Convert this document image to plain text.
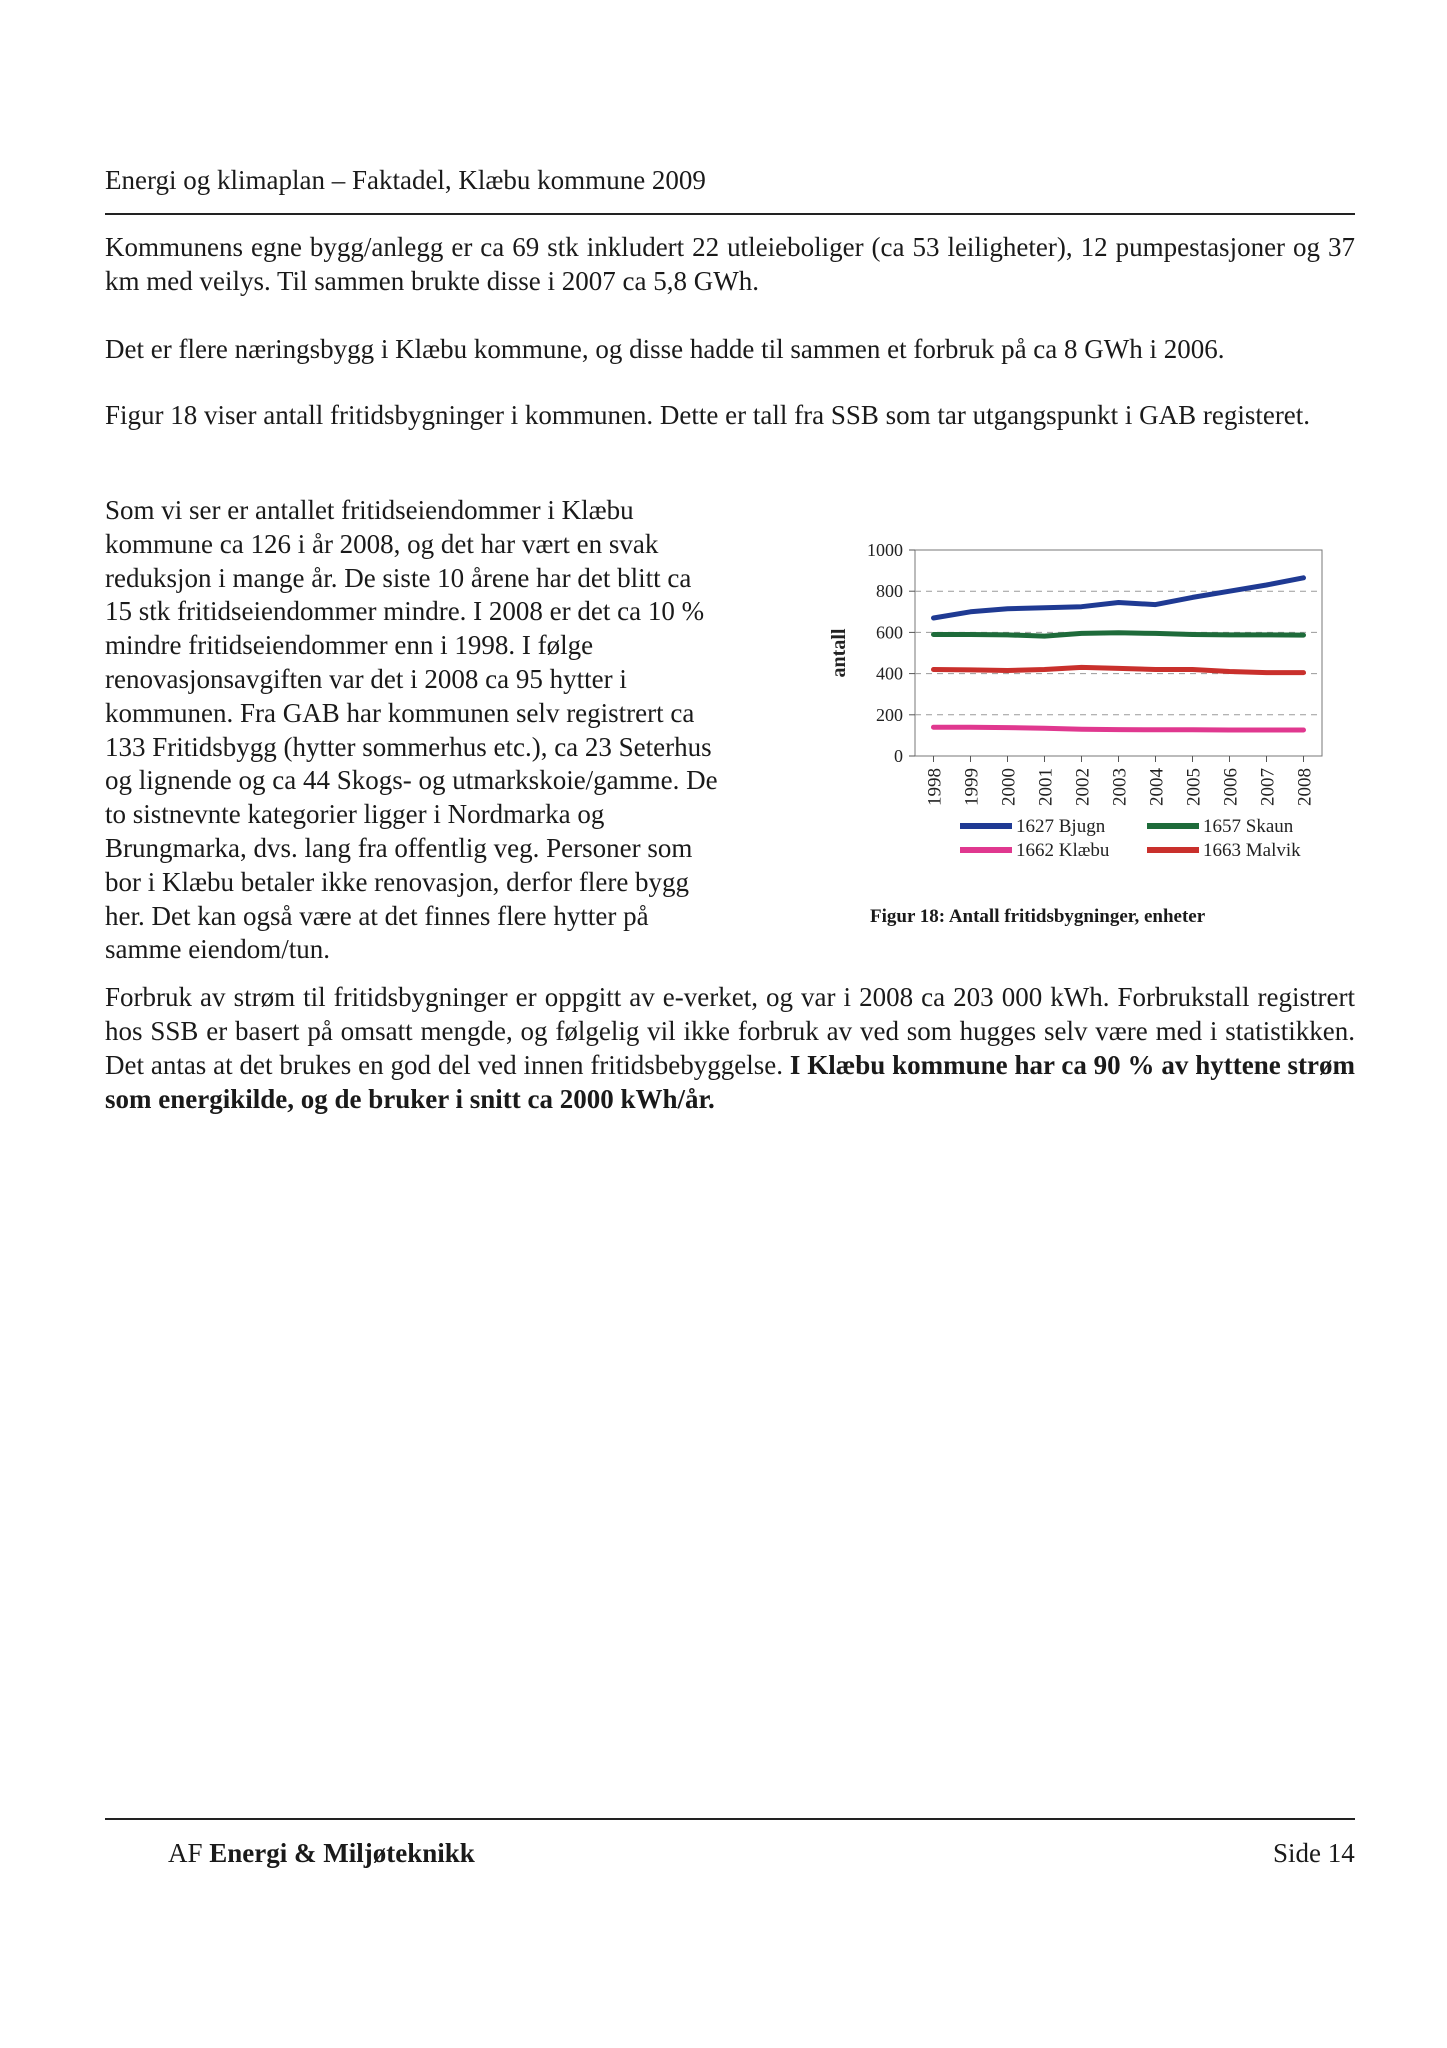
Energi og klimaplan – Faktadel, Klæbu kommune 2009
Kommunens egne bygg/anlegg er ca 69 stk inkludert 22 utleieboliger (ca 53 leiligheter), 12 pumpestasjoner og 37 km med veilys. Til sammen brukte disse i 2007 ca 5,8 GWh.
Det er flere næringsbygg i Klæbu kommune, og disse hadde til sammen et forbruk på ca 8 GWh i 2006.
Figur 18 viser antall fritidsbygninger i kommunen. Dette er tall fra SSB som tar utgangspunkt i GAB registeret.
Som vi ser er antallet fritidseiendommer i Klæbu
kommune ca 126 i år 2008, og det har vært en svak
reduksjon i mange år. De siste 10 årene har det blitt ca
15 stk fritidseiendommer mindre. I 2008 er det ca 10 %
mindre fritidseiendommer enn i 1998. I følge
renovasjonsavgiften var det i 2008 ca 95 hytter i
kommunen. Fra GAB har kommunen selv registrert ca
133 Fritidsbygg (hytter sommerhus etc.), ca 23 Seterhus
og lignende og ca 44 Skogs- og utmarkskoie/gamme. De
to sistnevnte kategorier ligger i Nordmarka og
Brungmarka, dvs. lang fra offentlig veg. Personer som
bor i Klæbu betaler ikke renovasjon, derfor flere bygg
her. Det kan også være at det finnes flere hytter på
samme eiendom/tun.
0
200
400
600
800
1000
antall
1998 1999 2000 2001 2002 2003 2004 2005 2006 2007 2008
1627 Bjugn	1657 Skaun
1662 Klæbu	1663 Malvik
Figur 18: Antall fritidsbygninger, enheter
Forbruk av strøm til fritidsbygninger er oppgitt av e-verket, og var i 2008 ca 203 000 kWh. Forbrukstall registrert hos SSB er basert på omsatt mengde, og følgelig vil ikke forbruk av ved som hugges selv være med i statistikken. Det antas at det brukes en god del ved innen fritidsbebyggelse. I Klæbu kommune har ca 90 % av hyttene strøm som energikilde, og de bruker i snitt ca 2000 kWh/år.
AF Energi & Miljøteknikk	Side 14
